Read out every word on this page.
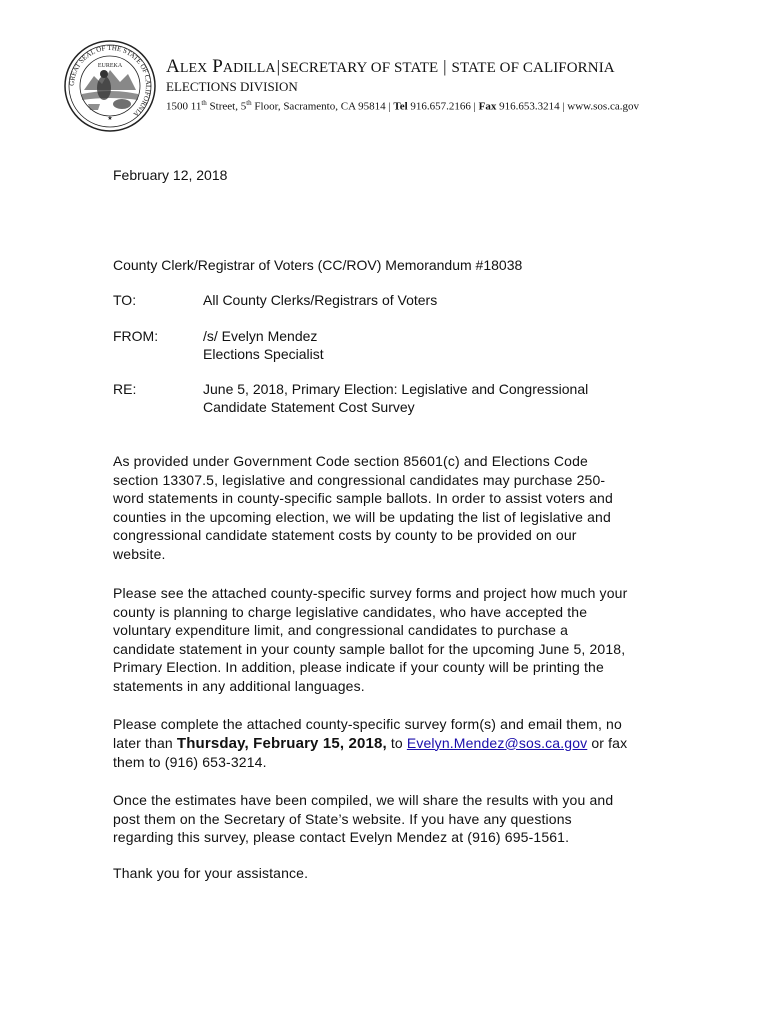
GREAT SEAL OF THE STATE OF CALIFORNIA
EUREKA
★
ALEX PADILLA|SECRETARY OF STATE | STATE OF CALIFORNIA
ELECTIONS DIVISION
1500 11th Street, 5th Floor, Sacramento, CA 95814 | Tel 916.657.2166 | Fax 916.653.3214 | www.sos.ca.gov
February 12, 2018
County Clerk/Registrar of Voters (CC/ROV) Memorandum #18038
TO:	All County Clerks/Registrars of Voters
FROM:	/s/ Evelyn Mendez
Elections Specialist
RE:	June 5, 2018, Primary Election: Legislative and Congressional
Candidate Statement Cost Survey
As provided under Government Code section 85601(c) and Elections Code
section 13307.5, legislative and congressional candidates may purchase 250-
word statements in county-specific sample ballots. In order to assist voters and
counties in the upcoming election, we will be updating the list of legislative and
congressional candidate statement costs by county to be provided on our
website.
Please see the attached county-specific survey forms and project how much your
county is planning to charge legislative candidates, who have accepted the
voluntary expenditure limit, and congressional candidates to purchase a
candidate statement in your county sample ballot for the upcoming June 5, 2018,
Primary Election. In addition, please indicate if your county will be printing the
statements in any additional languages.
Please complete the attached county-specific survey form(s) and email them, no
later than Thursday, February 15, 2018, to Evelyn.Mendez@sos.ca.gov or fax
them to (916) 653-3214.
Once the estimates have been compiled, we will share the results with you and
post them on the Secretary of State’s website. If you have any questions
regarding this survey, please contact Evelyn Mendez at (916) 695-1561.
Thank you for your assistance.
